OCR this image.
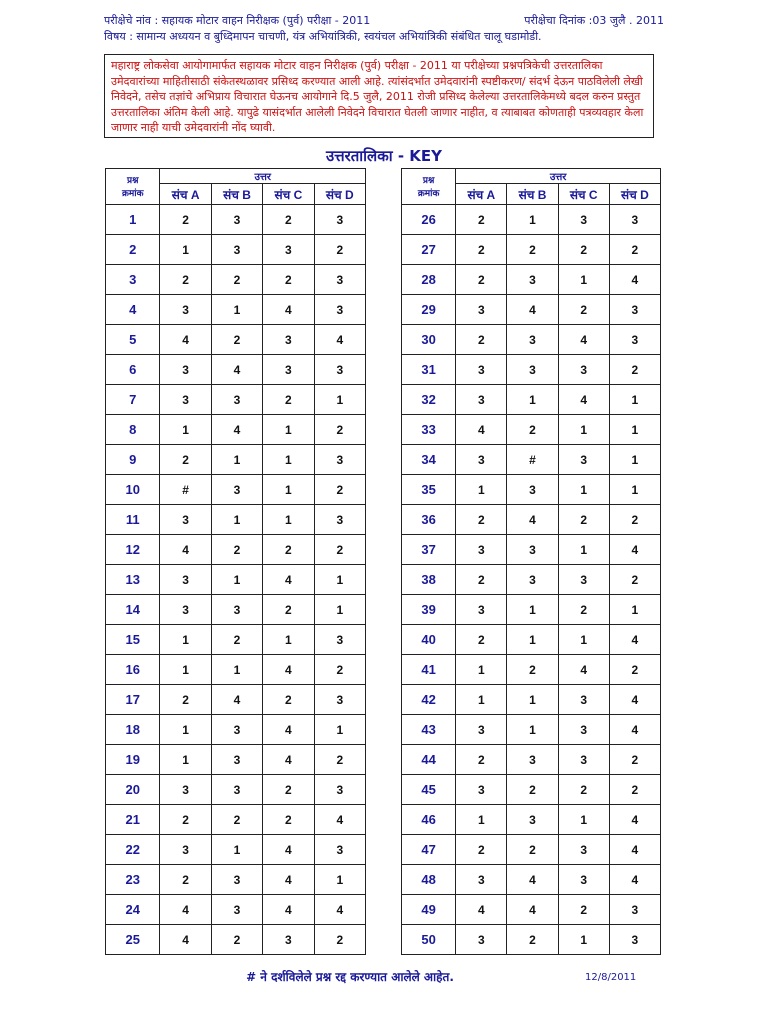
परीक्षेचे नांव : सहायक मोटार वाहन निरीक्षक (पुर्व) परीक्षा - 2011	परीक्षेचा दिनांक :03 जुलै . 2011
विषय : सामान्य अध्ययन व बुध्दिमापन चाचणी, यंत्र अभियांत्रिकी, स्वयंचल अभियांत्रिकी संबंधित चालू घडामोडी.
महाराष्ट्र लोकसेवा आयोगामार्फत सहायक मोटार वाहन निरीक्षक (पुर्व) परीक्षा - 2011 या परीक्षेच्या प्रश्नपत्रिकेची उत्तरतालिका उमेदवारांच्या माहितीसाठी संकेतस्थळावर प्रसिध्द करण्यात आली आहे. त्यांसंदर्भात उमेदवारांनी स्पष्टीकरण/ संदर्भ देऊन पाठविलेली लेखी निवेदने, तसेच तज्ञांचे अभिप्राय विचारात घेऊनच आयोगाने दि.5 जुलै, 2011 रोजी प्रसिध्द केलेल्या उत्तरतालिकेमध्ये बदल करुन प्रस्तुत उत्तरतालिका अंतिम केली आहे. यापुढे यासंदर्भात आलेली निवेदने विचारात घेतली जाणार नाहीत, व त्याबाबत कोणताही पत्रव्यवहार केला जाणार नाही याची उमेदवारांनी नोंद घ्यावी.
उत्तरतालिका - KEY
प्रश्न
क्रमांक	उत्तर			
	संच A	संच B	संच C	संच D
1	2	3	2	3
2	1	3	3	2
3	2	2	2	3
4	3	1	4	3
5	4	2	3	4
6	3	4	3	3
7	3	3	2	1
8	1	4	1	2
9	2	1	1	3
10	#	3	1	2
11	3	1	1	3
12	4	2	2	2
13	3	1	4	1
14	3	3	2	1
15	1	2	1	3
16	1	1	4	2
17	2	4	2	3
18	1	3	4	1
19	1	3	4	2
20	3	3	2	3
21	2	2	2	4
22	3	1	4	3
23	2	3	4	1
24	4	3	4	4
25	4	2	3	2
प्रश्न
क्रमांक	उत्तर			
	संच A	संच B	संच C	संच D
26	2	1	3	3
27	2	2	2	2
28	2	3	1	4
29	3	4	2	3
30	2	3	4	3
31	3	3	3	2
32	3	1	4	1
33	4	2	1	1
34	3	#	3	1
35	1	3	1	1
36	2	4	2	2
37	3	3	1	4
38	2	3	3	2
39	3	1	2	1
40	2	1	1	4
41	1	2	4	2
42	1	1	3	4
43	3	1	3	4
44	2	3	3	2
45	3	2	2	2
46	1	3	1	4
47	2	2	3	4
48	3	4	3	4
49	4	4	2	3
50	3	2	1	3
# ने दर्शविलेले प्रश्न रद्द करण्यात आलेले आहेत.	12/8/2011
